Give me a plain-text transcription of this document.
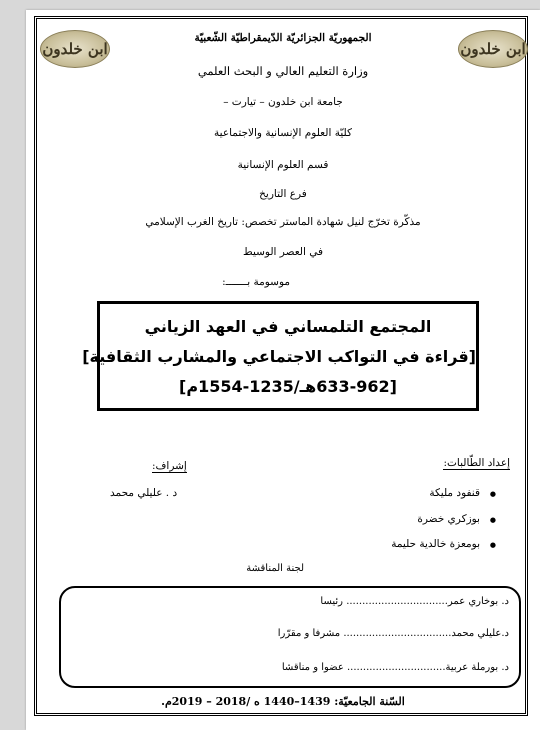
ابن خلدون	ابن خلدون
الجمهوريّة الجزائريّة الدّيمقراطيّة الشّعبيّة
وزارة التعليم العالي و البحث العلمي
جامعة ابن خلدون – تيارت –
كليّة العلوم الإنسانية والاجتماعية
قسم العلوم الإنسانية
فرع التاريخ
مذكّرة تخرّج لنيل شهادة الماستر تخصص: تاريخ الغرب الإسلامي
في العصر الوسيط
موسومة بـــــــ:
المجتمع التلمساني في العهد الزياني
[قراءة في التواكب الاجتماعي والمشارب الثقافية]
[633-962هـ/1235-1554م]
إعداد الطّالبات:
● قنفود مليكة
● بوزكري خضرة
● بومعزة خالدية حليمة
إشراف:
د . عليلي محمد
لجنة المناقشة
د. بوخاري عمر................................ رئيسا
د.عليلي محمد.................................. مشرفا و مقرّرا
د. بورملة عربية............................... عضوا و مناقشا
السّنة الجامعيّة: 1439–1440 ه /2018 – 2019م.
